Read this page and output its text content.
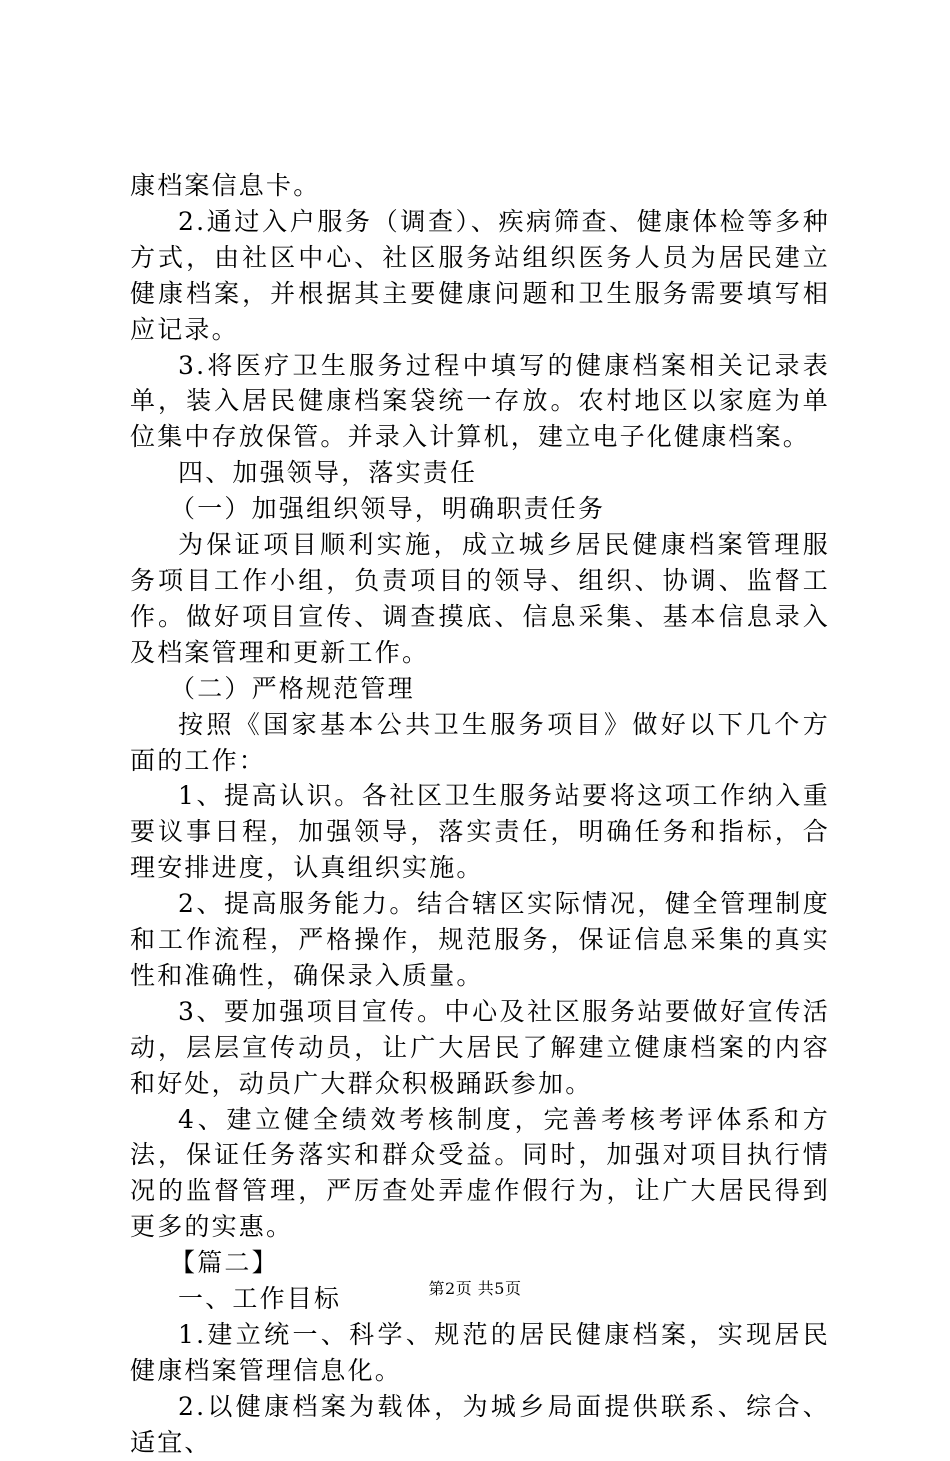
康档案信息卡。

2.通过入户服务（调查）、疾病筛查、健康体检等多种方式，由社区中心、社区服务站组织医务人员为居民建立健康档案，并根据其主要健康问题和卫生服务需要填写相应记录。

3.将医疗卫生服务过程中填写的健康档案相关记录表单，装入居民健康档案袋统一存放。农村地区以家庭为单位集中存放保管。并录入计算机，建立电子化健康档案。

四、加强领导，落实责任

（一）加强组织领导，明确职责任务

为保证项目顺利实施，成立城乡居民健康档案管理服务项目工作小组，负责项目的领导、组织、协调、监督工作。做好项目宣传、调查摸底、信息采集、基本信息录入及档案管理和更新工作。

（二）严格规范管理

按照《国家基本公共卫生服务项目》做好以下几个方面的工作：

1、提高认识。各社区卫生服务站要将这项工作纳入重要议事日程，加强领导，落实责任，明确任务和指标，合理安排进度，认真组织实施。

2、提高服务能力。结合辖区实际情况，健全管理制度和工作流程，严格操作，规范服务，保证信息采集的真实性和准确性，确保录入质量。

3、要加强项目宣传。中心及社区服务站要做好宣传活动，层层宣传动员，让广大居民了解建立健康档案的内容和好处，动员广大群众积极踊跃参加。

4、建立健全绩效考核制度，完善考核考评体系和方法，保证任务落实和群众受益。同时，加强对项目执行情况的监督管理，严厉查处弄虚作假行为，让广大居民得到更多的实惠。

【篇二】

一、工作目标

1.建立统一、科学、规范的居民健康档案，实现居民健康档案管理信息化。

2.以健康档案为载体，为城乡局面提供联系、综合、适宜、

第2页 共5页
